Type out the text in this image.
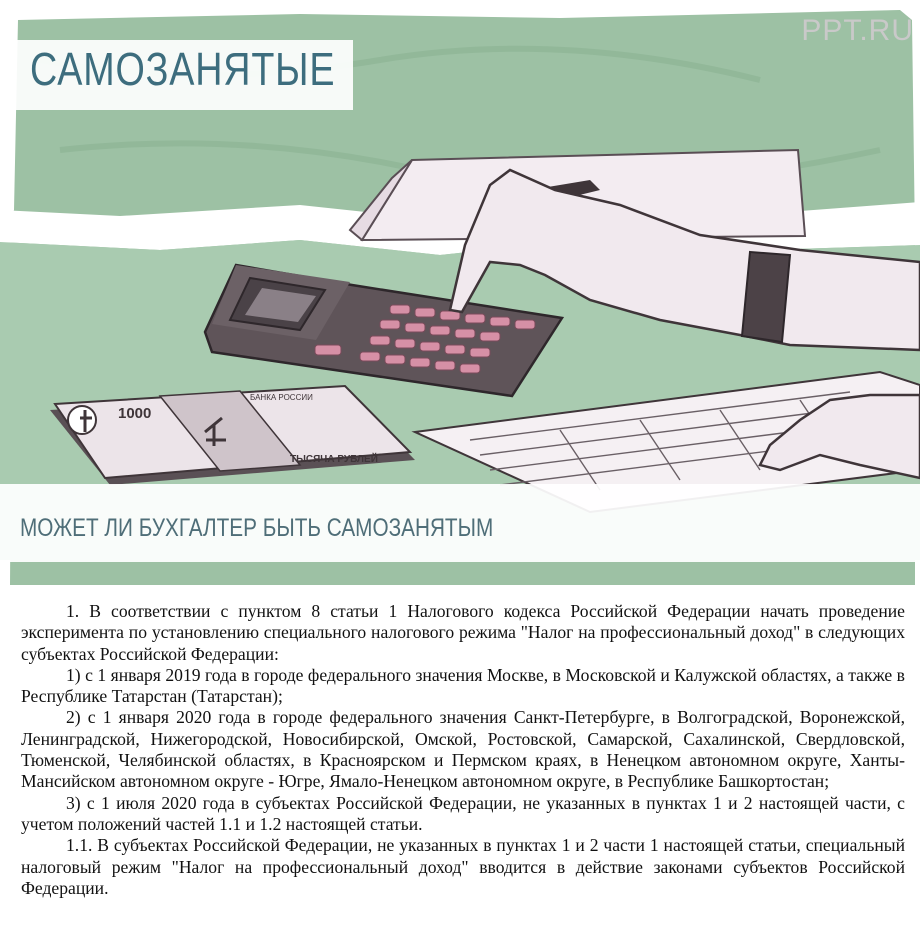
1000
БАНКА РОССИИ
ТЫСЯЧА РУБЛЕЙ
PPT.RU
САМОЗАНЯТЫЕ
МОЖЕТ ЛИ БУХГАЛТЕР БЫТЬ САМОЗАНЯТЫМ

1. В соответствии с пунктом 8 статьи 1 Налогового кодекса Российской Федерации начать проведение эксперимента по установлению специального налогового режима "Налог на профессиональный доход" в следующих субъектах Российской Федерации:

1) с 1 января 2019 года в городе федерального значения Москве, в Московской и Калужской областях, а также в Республике Татарстан (Татарстан);

2) с 1 января 2020 года в городе федерального значения Санкт-Петербурге, в Волгоградской, Воронежской, Ленинградской, Нижегородской, Новосибирской, Омской, Ростовской, Самарской, Сахалинской, Свердловской, Тюменской, Челябинской областях, в Красноярском и Пермском краях, в Ненецком автономном округе, Ханты-Мансийском автономном округе - Югре, Ямало-Ненецком автономном округе, в Республике Башкортостан;

3) с 1 июля 2020 года в субъектах Российской Федерации, не указанных в пунктах 1 и 2 настоящей части, с учетом положений частей 1.1 и 1.2 настоящей статьи.

1.1. В субъектах Российской Федерации, не указанных в пунктах 1 и 2 части 1 настоящей статьи, специальный налоговый режим "Налог на профессиональный доход" вводится в действие законами субъектов Российской Федерации.
